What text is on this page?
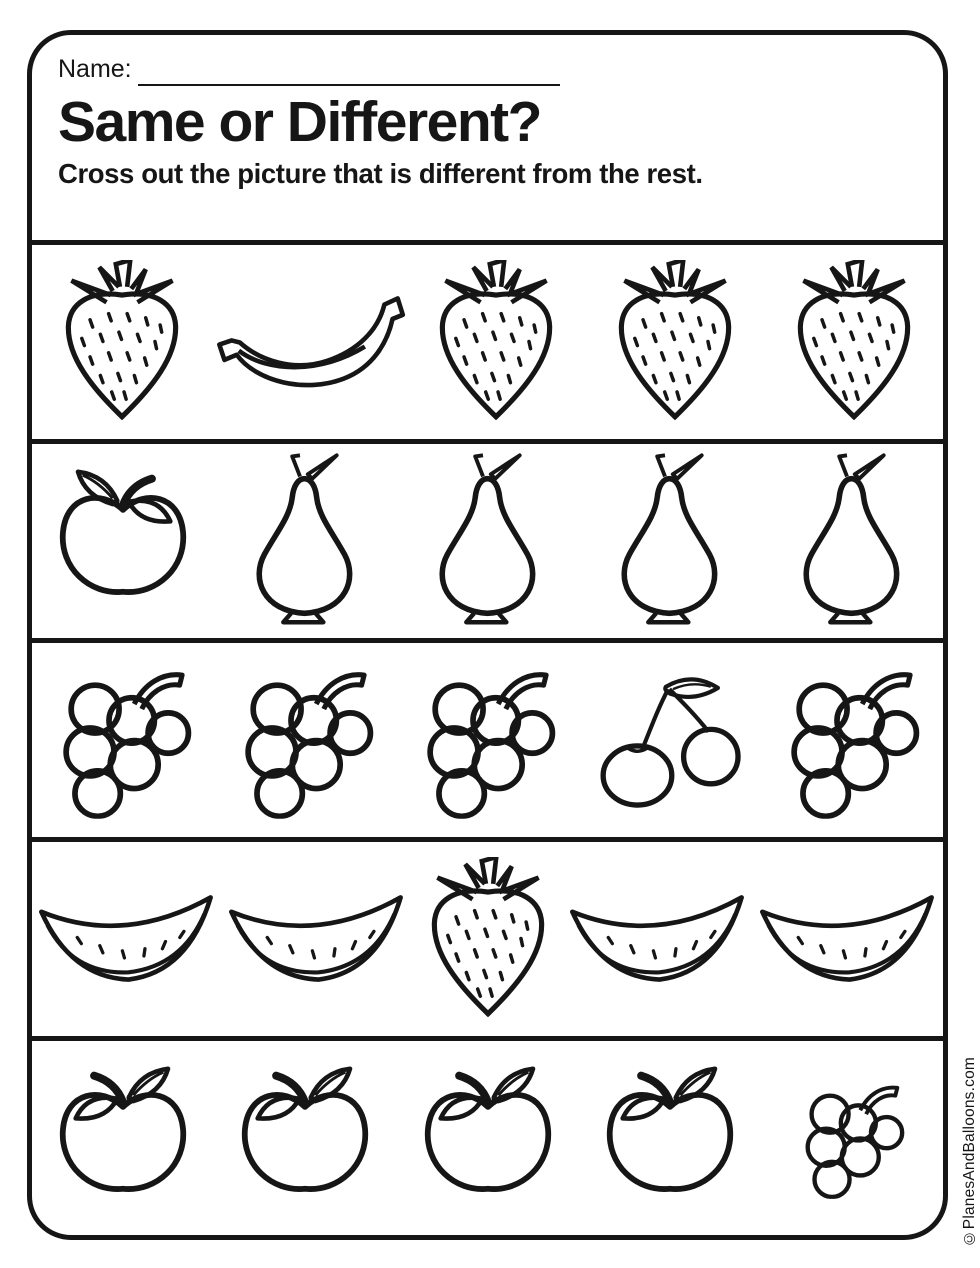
Name:
Same or Different?
Cross out the picture that is different from the rest.
©PlanesAndBalloons.com
